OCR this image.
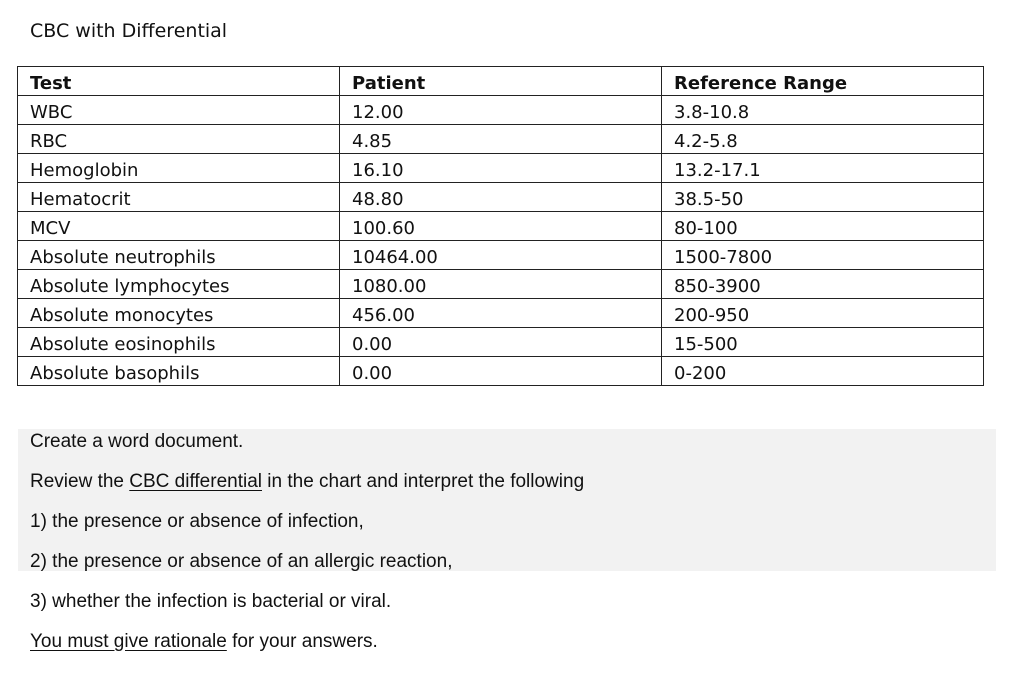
CBC with Differential
Test	Patient	Reference Range
WBC	12.00	3.8-10.8
RBC	4.85	4.2-5.8
Hemoglobin	16.10	13.2-17.1
Hematocrit	48.80	38.5-50
MCV	100.60	80-100
Absolute neutrophils	10464.00	1500-7800
Absolute lymphocytes	1080.00	850-3900
Absolute monocytes	456.00	200-950
Absolute eosinophils	0.00	15-500
Absolute basophils	0.00	0-200
Create a word document.
Review the CBC differential in the chart and interpret the following
1) the presence or absence of infection,
2) the presence or absence of an allergic reaction,
3) whether the infection is bacterial or viral.
You must give rationale for your answers.
